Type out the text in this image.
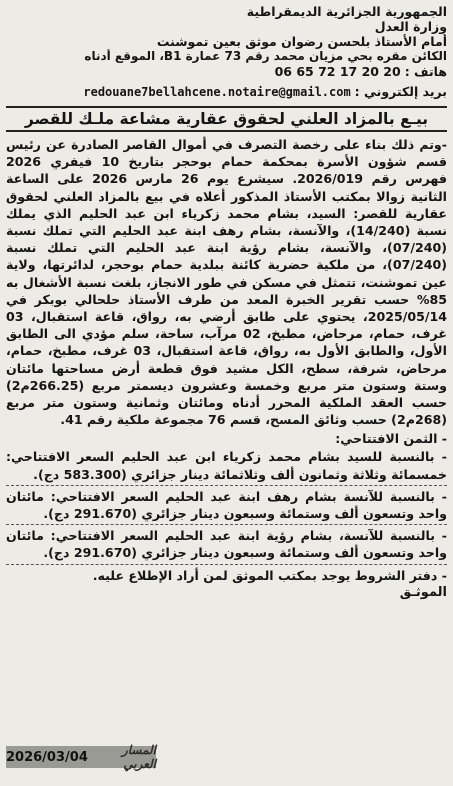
الجمهورية الجزائرية الديمقراطية
وزارة العدل
أمام الأستاذ بلحسن رضوان موثق بعين تموشنت
الكائن مقره بحي مزيان محمد رقم 73 عمارة B1، الموقع أدناه
هاتف : 06 65 72 17 20 20
بريد إلكتروني : redouane7bellahcene.notaire@gmail.com
بيـع بالمزاد العلني لحقوق عقارية مشاعة ملـك للقصر

-وتم ذلك بناء على رخصة التصرف في أموال القاصر الصادرة عن رئيس قسم شؤون الأسرة بمحكمة حمام بوحجر بتاريخ 10 فيفري 2026 فهرس رقم 2026/019. سيشرع يوم 26 مارس 2026 على الساعة الثانية زوالا بمكتب الأستاذ المذكور أعلاه في بيع بالمزاد العلني لحقوق عقارية للقصر: السيد، بشام محمد زكرياء ابن عبد الحليم الذي يملك نسبة (14/240)، والآنسة، بشام رهف ابنة عبد الحليم التي تملك نسبة (07/240)، والآنسة، بشام رؤية ابنة عبد الحليم التي تملك نسبة (07/240)، من ملكية حضرية كائنة ببلدية حمام بوحجر، لدائرتها، ولاية عين تموشنت، تتمثل في مسكن في طور الانجاز، بلغت نسبة الأشغال به 85% حسب تقرير الخبرة المعد من طرف الأستاذ حلحالي بوبكر في 2025/05/14، يحتوي على طابق أرضي به، رواق، قاعة استقبال، 03 غرف، حمام، مرحاض، مطبخ، 02 مرآب، ساحة، سلم مؤدي الى الطابق الأول، والطابق الأول به، رواق، قاعة استقبال، 03 غرف، مطبخ، حمام، مرحاض، شرفة، سطح، الكل مشيد فوق قطعة أرض مساحتها مائتان وستة وستون متر مربع وخمسة وعشرون ديسمتر مربع (266.25م2) حسب العقد الملكية المحرر أدناه ومائتان وثمانية وستون متر مربع (268م2) حسب وثائق المسح، قسم 76 مجموعة ملكية رقم 41.

- الثمن الافتتاحي:
- بالنسبة للسيد بشام محمد زكرياء ابن عبد الحليم السعر الافتتاحي: خمسمائة وثلاثة وثمانون ألف وثلاثمائة دينار جزائري (583.300 دج).
- بالنسبة للآنسة بشام رهف ابنة عبد الحليم السعر الافتتاحي: مائتان واحد وتسعون ألف وستمائة وسبعون دينار جزائري (291.670 دج).
- بالنسبة للآنسة، بشام رؤية ابنة عبد الحليم السعر الافتتاحي: مائتان واحد وتسعون ألف وستمائة وسبعون دينار جزائري (291.670 دج).
- دفتر الشروط يوجد بمكتب الموثق لمن أراد الإطلاع عليه.
الموثـق
المسار العربي
2026/03/04
